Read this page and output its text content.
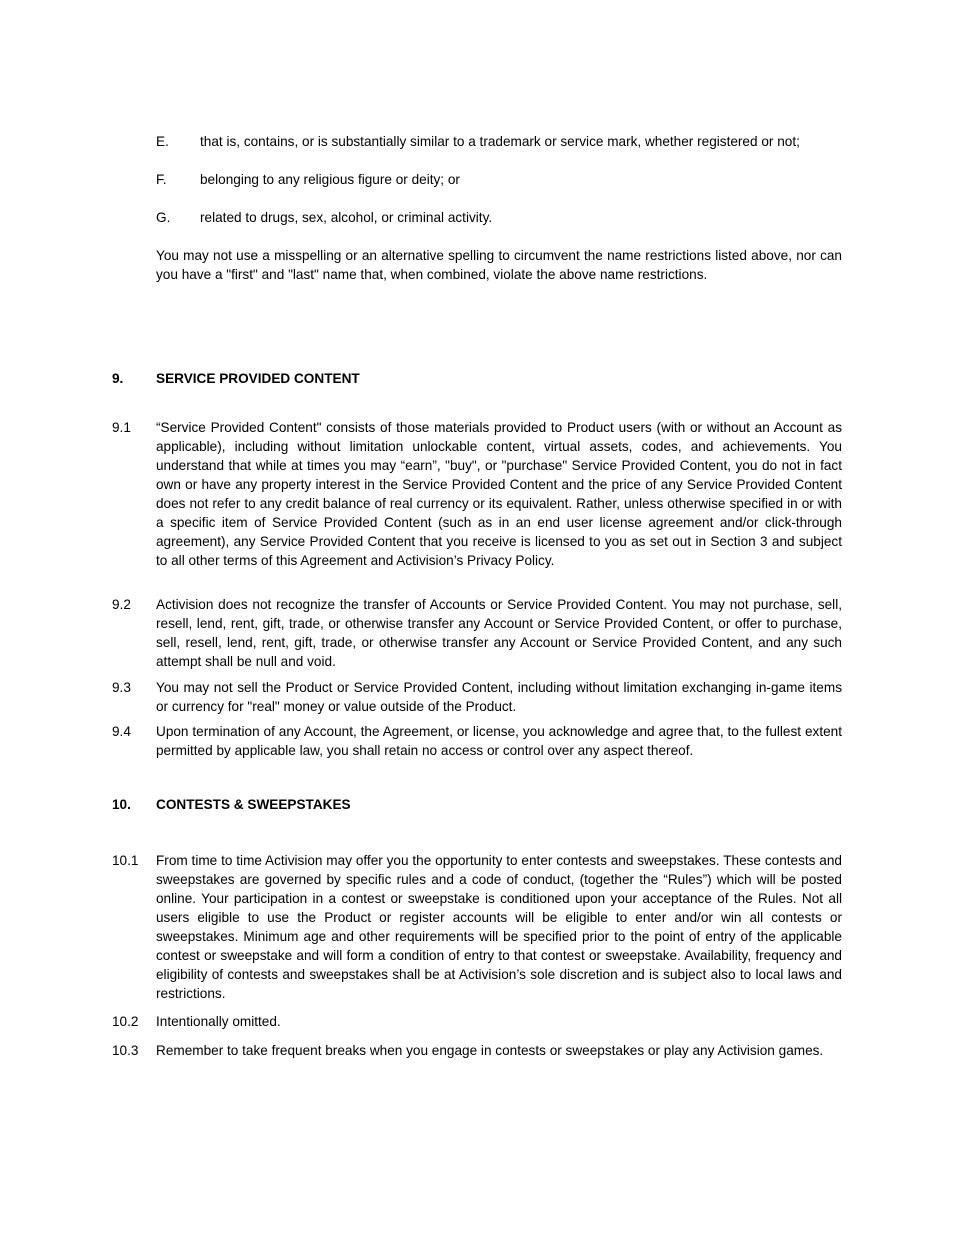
E.	that is, contains, or is substantially similar to a trademark or service mark, whether registered or not;
F.	belonging to any religious figure or deity; or
G.	related to drugs, sex, alcohol, or criminal activity.
You may not use a misspelling or an alternative spelling to circumvent the name restrictions listed above, nor can you have a "first" and "last" name that, when combined, violate the above name restrictions.
9.	SERVICE PROVIDED CONTENT
9.1	“Service Provided Content" consists of those materials provided to Product users (with or without an Account as applicable), including without limitation unlockable content, virtual assets, codes, and achievements. You understand that while at times you may “earn”, "buy", or "purchase" Service Provided Content, you do not in fact own or have any property interest in the Service Provided Content and the price of any Service Provided Content does not refer to any credit balance of real currency or its equivalent. Rather, unless otherwise specified in or with a specific item of Service Provided Content (such as in an end user license agreement and/or click-through agreement), any Service Provided Content that you receive is licensed to you as set out in Section 3 and subject to all other terms of this Agreement and Activision’s Privacy Policy.
9.2	Activision does not recognize the transfer of Accounts or Service Provided Content. You may not purchase, sell, resell, lend, rent, gift, trade, or otherwise transfer any Account or Service Provided Content, or offer to purchase, sell, resell, lend, rent, gift, trade, or otherwise transfer any Account or Service Provided Content, and any such attempt shall be null and void.
9.3	You may not sell the Product or Service Provided Content, including without limitation exchanging in-game items or currency for "real" money or value outside of the Product.
9.4	Upon termination of any Account, the Agreement, or license, you acknowledge and agree that, to the fullest extent permitted by applicable law, you shall retain no access or control over any aspect thereof.
10.	CONTESTS & SWEEPSTAKES
10.1	From time to time Activision may offer you the opportunity to enter contests and sweepstakes. These contests and sweepstakes are governed by specific rules and a code of conduct, (together the “Rules”) which will be posted online. Your participation in a contest or sweepstake is conditioned upon your acceptance of the Rules. Not all users eligible to use the Product or register accounts will be eligible to enter and/or win all contests or sweepstakes. Minimum age and other requirements will be specified prior to the point of entry of the applicable contest or sweepstake and will form a condition of entry to that contest or sweepstake. Availability, frequency and eligibility of contests and sweepstakes shall be at Activision’s sole discretion and is subject also to local laws and restrictions.
10.2	Intentionally omitted.
10.3	Remember to take frequent breaks when you engage in contests or sweepstakes or play any Activision games.
